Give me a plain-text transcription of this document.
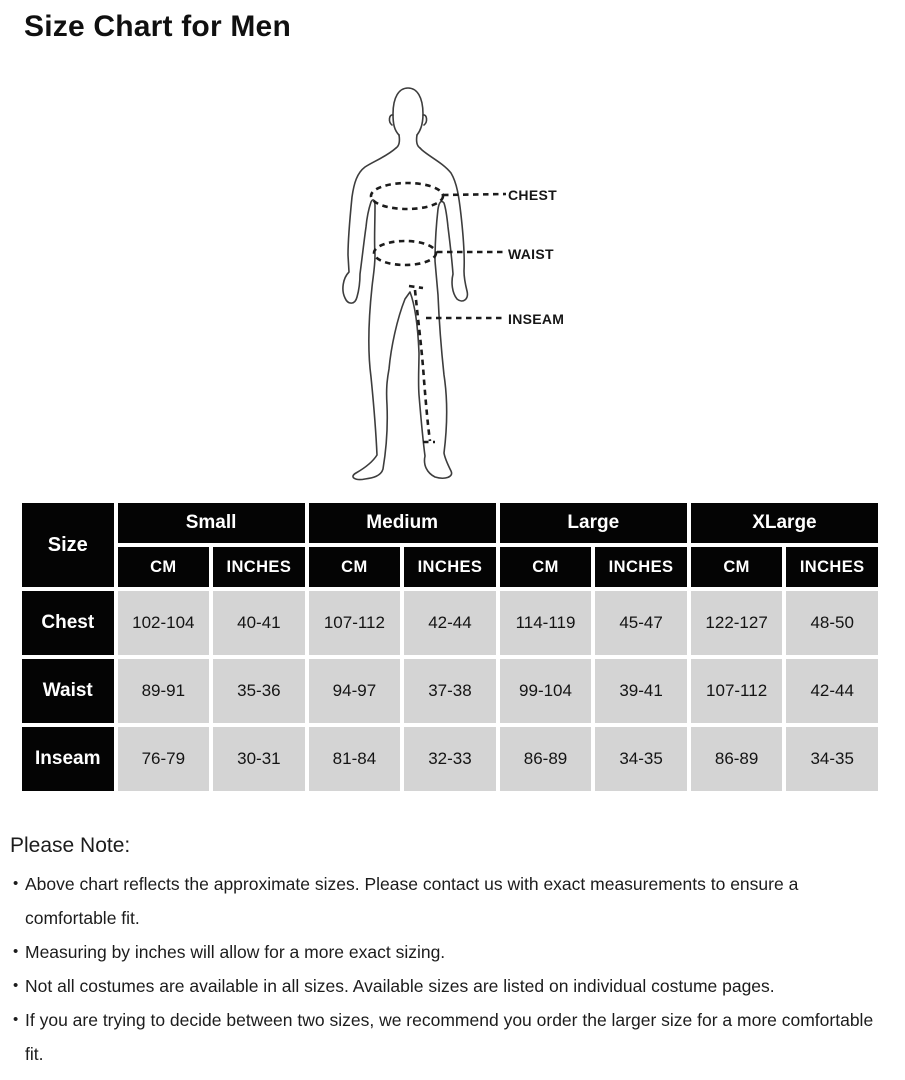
Size Chart for Men
CHEST
WAIST
INSEAM
Size	Small		Medium		Large		XLarge	
	CM	INCHES	CM	INCHES	CM	INCHES	CM	INCHES
Chest	102-104	40-41	107-112	42-44	114-119	45-47	122-127	48-50
Waist	89-91	35-36	94-97	37-38	99-104	39-41	107-112	42-44
Inseam	76-79	30-31	81-84	32-33	86-89	34-35	86-89	34-35
Please Note:
• Above chart reflects the approximate sizes. Please contact us with exact measurements to ensure a comfortable fit.
• Measuring by inches will allow for a more exact sizing.
• Not all costumes are available in all sizes. Available sizes are listed on individual costume pages.
• If you are trying to decide between two sizes, we recommend you order the larger size for a more comfortable fit.
